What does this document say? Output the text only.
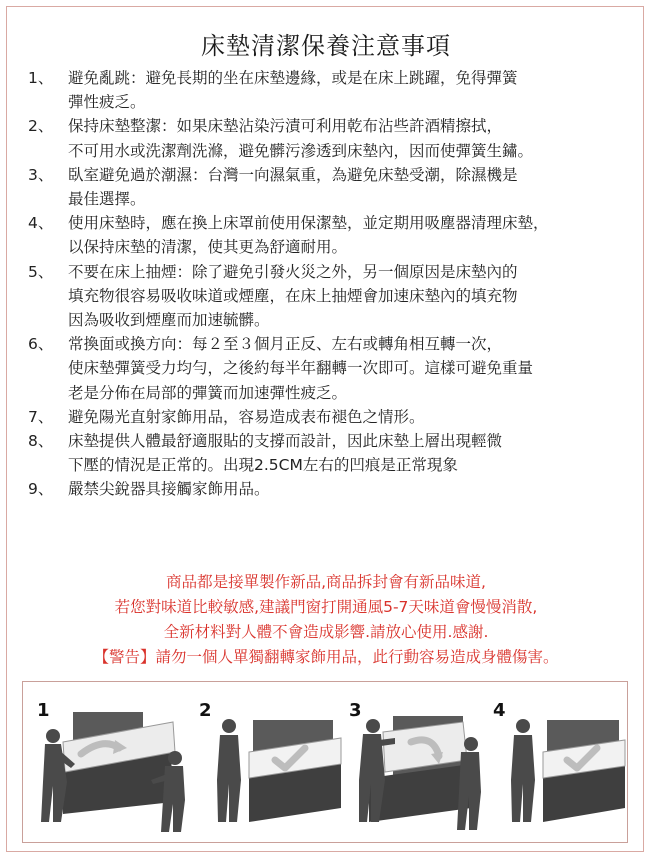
床墊清潔保養注意事項
1、 避免亂跳：避免長期的坐在床墊邊緣，或是在床上跳躍，免得彈簧
彈性疲乏。
2、 保持床墊整潔：如果床墊沾染污漬可利用乾布沾些許酒精擦拭，
不可用水或洗潔劑洗滌，避免髒污滲透到床墊內，因而使彈簧生鏽。
3、 臥室避免過於潮濕：台灣一向濕氣重，為避免床墊受潮，除濕機是
最佳選擇。
4、 使用床墊時，應在換上床罩前使用保潔墊，並定期用吸塵器清理床墊，
以保持床墊的清潔，使其更為舒適耐用。
5、 不要在床上抽煙：除了避免引發火災之外，另一個原因是床墊內的
填充物很容易吸收味道或煙塵，在床上抽煙會加速床墊內的填充物
因為吸收到煙塵而加速毓髒。
6、 常換面或換方向：每２至３個月正反、左右或轉角相互轉一次，
使床墊彈簧受力均勻，之後約每半年翻轉一次即可。這樣可避免重量
老是分佈在局部的彈簧而加速彈性疲乏。
7、 避免陽光直射家飾用品，容易造成表布褪色之情形。
8、 床墊提供人體最舒適服貼的支撐而設計，因此床墊上層出現輕微
下壓的情況是正常的。出現2.5CM左右的凹痕是正常現象
9、 嚴禁尖銳器具接觸家飾用品。
商品都是接單製作新品,商品拆封會有新品味道,
若您對味道比較敏感,建議門窗打開通風5-7天味道會慢慢消散,
全新材料對人體不會造成影響.請放心使用.感謝.
【警告】請勿一個人單獨翻轉家飾用品，此行動容易造成身體傷害。
1	2	3	4
